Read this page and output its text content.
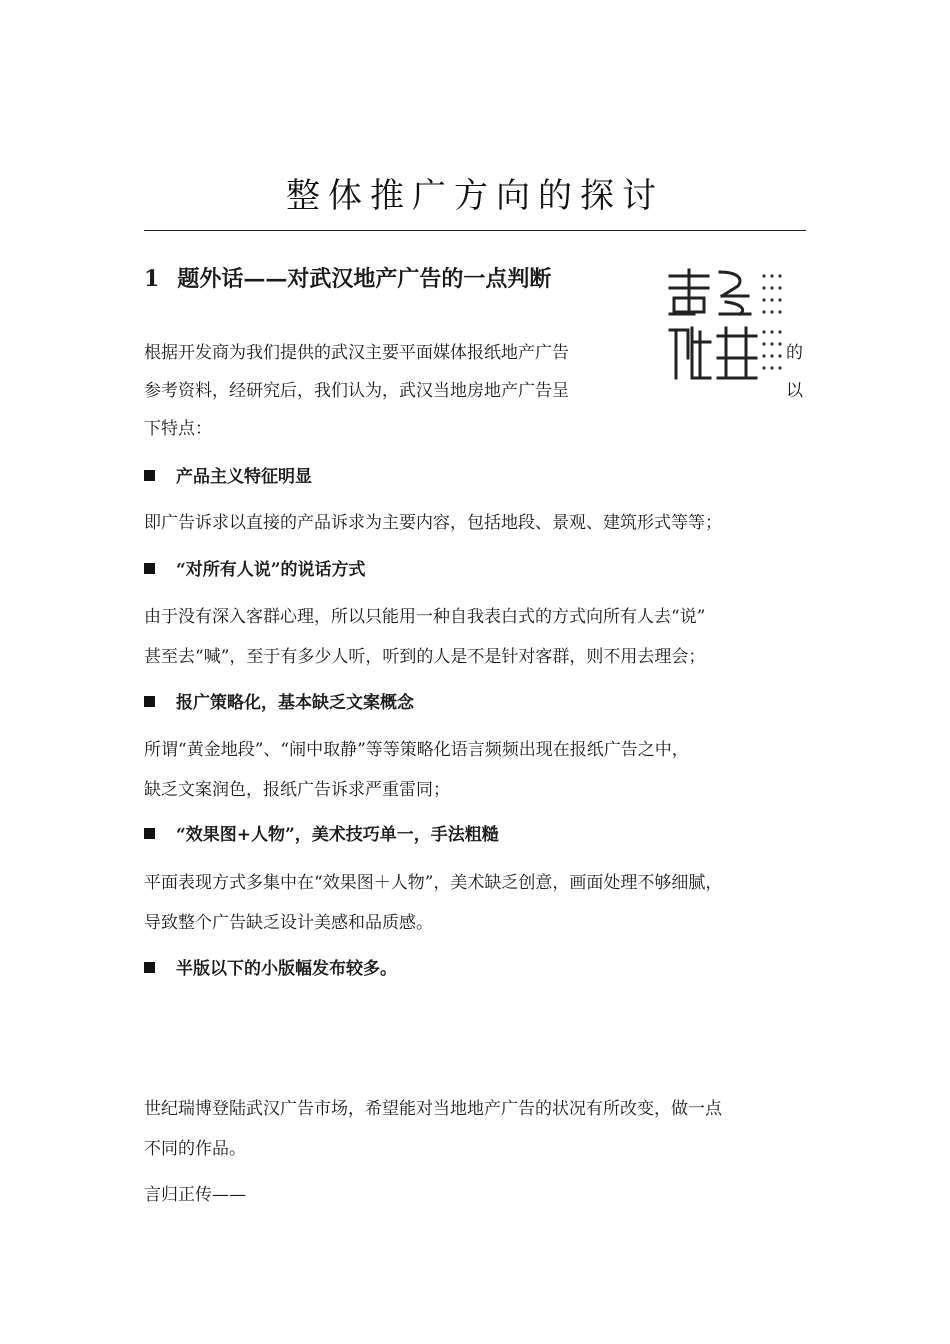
整体推广方向的探讨
1 题外话——对武汉地产广告的一点判断
根据开发商为我们提供的武汉主要平面媒体报纸地产广告	的
参考资料，经研究后，我们认为，武汉当地房地产广告呈	以
下特点：
产品主义特征明显
即广告诉求以直接的产品诉求为主要内容，包括地段、景观、建筑形式等等；
“对所有人说”的说话方式
由于没有深入客群心理，所以只能用一种自我表白式的方式向所有人去“说”
甚至去“喊”，至于有多少人听，听到的人是不是针对客群，则不用去理会；
报广策略化，基本缺乏文案概念
所谓“黄金地段”、“闹中取静”等等策略化语言频频出现在报纸广告之中，
缺乏文案润色，报纸广告诉求严重雷同；
“效果图+人物”，美术技巧单一，手法粗糙
平面表现方式多集中在“效果图＋人物”，美术缺乏创意，画面处理不够细腻，
导致整个广告缺乏设计美感和品质感。
半版以下的小版幅发布较多。
世纪瑞博登陆武汉广告市场，希望能对当地地产广告的状况有所改变，做一点
不同的作品。
言归正传——
